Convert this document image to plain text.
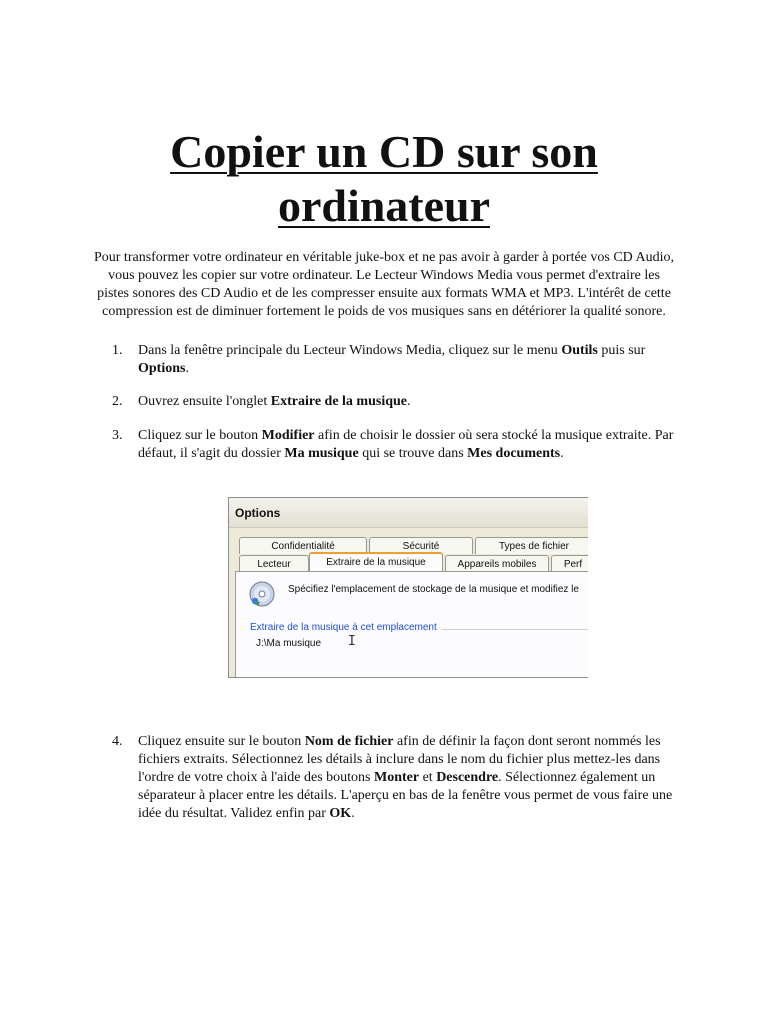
Copier un CD sur son
ordinateur

Pour transformer votre ordinateur en véritable juke-box et ne pas avoir à garder à portée vos CD Audio, vous pouvez les copier sur votre ordinateur. Le Lecteur Windows Media vous permet d'extraire les pistes sonores des CD Audio et de les compresser ensuite aux formats WMA et MP3. L'intérêt de cette compression est de diminuer fortement le poids de vos musiques sans en détériorer la qualité sonore.

1. Dans la fenêtre principale du Lecteur Windows Media, cliquez sur le menu Outils puis sur Options.
2. Ouvrez ensuite l'onglet Extraire de la musique.
3. Cliquez sur le bouton Modifier afin de choisir le dossier où sera stocké la musique extraite. Par défaut, il s'agit du dossier Ma musique qui se trouve dans Mes documents.
4. Cliquez ensuite sur le bouton Nom de fichier afin de définir la façon dont seront nommés les fichiers extraits. Sélectionnez les détails à inclure dans le nom du fichier plus mettez-les dans l'ordre de votre choix à l'aide des boutons Monter et Descendre. Sélectionnez également un séparateur à placer entre les détails. L'aperçu en bas de la fenêtre vous permet de vous faire une idée du résultat. Validez enfin par OK.
Options
Confidentialité	Sécurité	Types de fichier
Lecteur	Extraire de la musique	Appareils mobiles	Perf
Spécifiez l'emplacement de stockage de la musique et modifiez le
Extraire de la musique à cet emplacement
J:\Ma musique I
